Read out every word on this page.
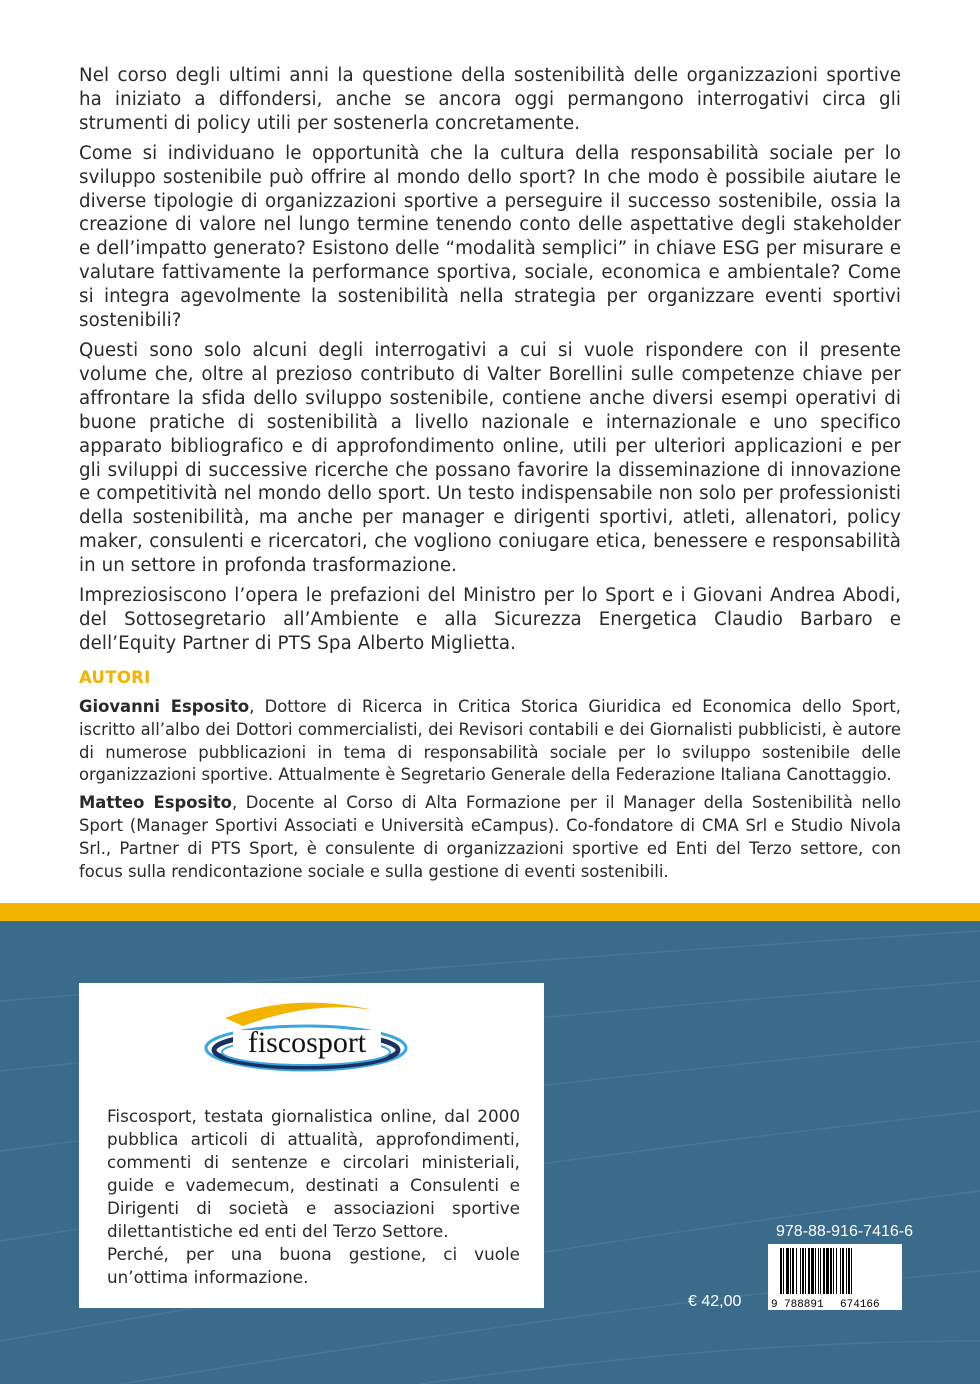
Nel corso degli ultimi anni la questione della sostenibilità delle organizzazioni sportive ha iniziato a diffondersi, anche se ancora oggi permangono interrogativi circa gli strumenti di policy utili per sostenerla concretamente.

Come si individuano le opportunità che la cultura della responsabilità sociale per lo sviluppo sostenibile può offrire al mondo dello sport? In che modo è possibile aiutare le diverse tipologie di organizzazioni sportive a perseguire il successo sostenibile, ossia la creazione di valore nel lungo termine tenendo conto delle aspettative degli stakeholder e dell’impatto generato? Esistono delle “modalità semplici” in chiave ESG per misurare e valutare fattivamente la performance sportiva, sociale, economica e ambientale? Come si integra agevolmente la sostenibilità nella strategia per organizzare eventi sportivi sostenibili?

Questi sono solo alcuni degli interrogativi a cui si vuole rispondere con il presente volume che, oltre al prezioso contributo di Valter Borellini sulle competenze chiave per affrontare la sfida dello sviluppo sostenibile, contiene anche diversi esempi operativi di buone pratiche di sostenibilità a livello nazionale e internazionale e uno specifico apparato bibliografico e di approfondimento online, utili per ulteriori applicazioni e per gli sviluppi di successive ricerche che possano favorire la disseminazione di innovazione e competitività nel mondo dello sport. Un testo indispensabile non solo per professionisti della sostenibilità, ma anche per manager e dirigenti sportivi, atleti, allenatori, policy maker, consulenti e ricercatori, che vogliono coniugare etica, benessere e responsabilità in un settore in profonda trasformazione.

Impreziosiscono l’opera le prefazioni del Ministro per lo Sport e i Giovani Andrea Abodi, del Sottosegretario all’Ambiente e alla Sicurezza Energetica Claudio Barbaro e dell’Equity Partner di PTS Spa Alberto Miglietta.

AUTORI

Giovanni Esposito, Dottore di Ricerca in Critica Storica Giuridica ed Economica dello Sport, iscritto all’albo dei Dottori commercialisti, dei Revisori contabili e dei Giornalisti pubblicisti, è autore di numerose pubblicazioni in tema di responsabilità sociale per lo sviluppo sostenibile delle organizzazioni sportive. Attualmente è Segretario Generale della Federazione Italiana Canottaggio.

Matteo Esposito, Docente al Corso di Alta Formazione per il Manager della Sostenibilità nello Sport (Manager Sportivi Associati e Università eCampus). Co-fondatore di CMA Srl e Studio Nivola Srl., Partner di PTS Sport, è consulente di organizzazioni sportive ed Enti del Terzo settore, con focus sulla rendicontazione sociale e sulla gestione di eventi sostenibili.

fiscosport
Fiscosport, testata giornalistica online, dal 2000 pubblica articoli di attualità, approfondimenti, commenti di sentenze e circolari ministeriali, guide e vademecum, destinati a Consulenti e Dirigenti di società e associazioni sportive dilettantistiche ed enti del Terzo Settore.
Perché, per una buona gestione, ci vuole un’ottima informazione.
978-88-916-7416-6
9 788891 674166
€ 42,00
